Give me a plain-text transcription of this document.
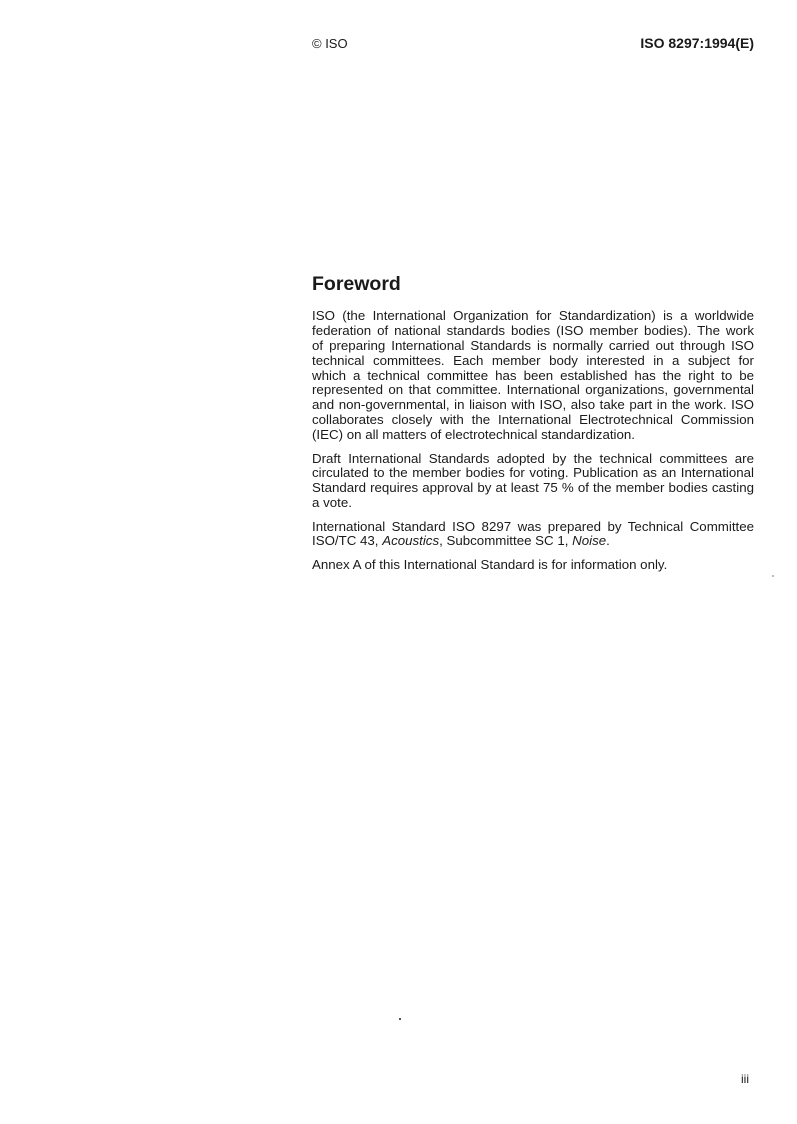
© ISO	ISO 8297:1994(E)
Foreword
ISO (the International Organization for Standardization) is a worldwide
federation of national standards bodies (ISO member bodies). The work
of preparing International Standards is normally carried out through ISO
technical committees. Each member body interested in a subject for
which a technical committee has been established has the right to be
represented on that committee. International organizations, governmental
and non-governmental, in liaison with ISO, also take part in the work. ISO
collaborates closely with the International Electrotechnical Commission
(IEC) on all matters of electrotechnical standardization.
Draft International Standards adopted by the technical committees are
circulated to the member bodies for voting. Publication as an International
Standard requires approval by at least 75 % of the member bodies casting
a vote.
International Standard ISO 8297 was prepared by Technical Committee
ISO/TC 43, Acoustics, Subcommittee SC 1, Noise.
Annex A of this International Standard is for information only.
iii
